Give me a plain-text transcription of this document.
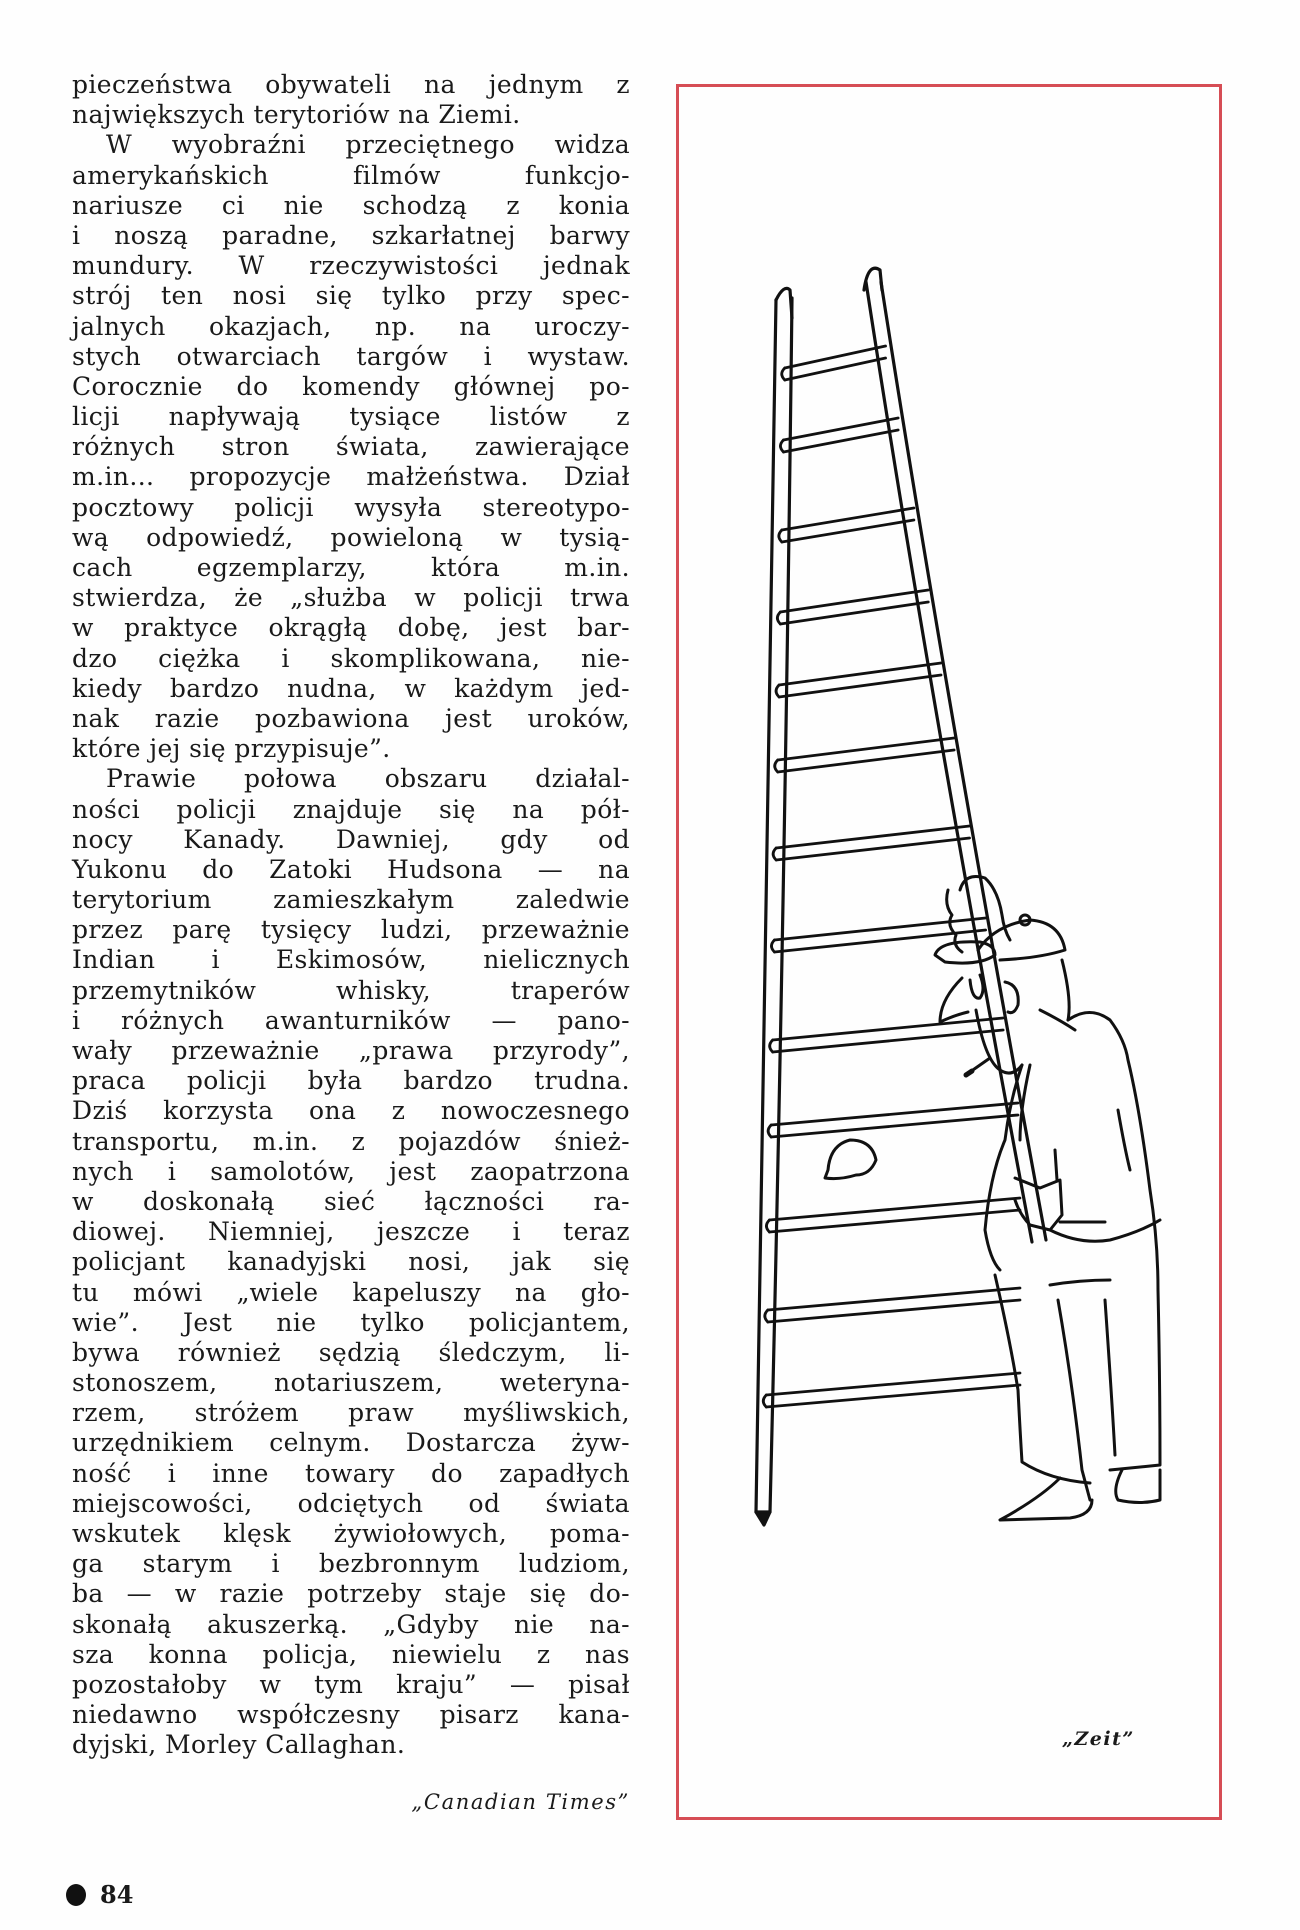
pieczeństwa obywateli na jednym z
największych terytoriów na Ziemi.
W wyobraźni przeciętnego widza
amerykańskich filmów funkcjo-
nariusze ci nie schodzą z konia
i noszą paradne, szkarłatnej barwy
mundury. W rzeczywistości jednak
strój ten nosi się tylko przy spec-
jalnych okazjach, np. na uroczy-
stych otwarciach targów i wystaw.
Corocznie do komendy głównej po-
licji napływają tysiące listów z
różnych stron świata, zawierające
m.in... propozycje małżeństwa. Dział
pocztowy policji wysyła stereotypo-
wą odpowiedź, powieloną w tysią-
cach egzemplarzy, która m.in.
stwierdza, że „służba w policji trwa
w praktyce okrągłą dobę, jest bar-
dzo ciężka i skomplikowana, nie-
kiedy bardzo nudna, w każdym jed-
nak razie pozbawiona jest uroków,
które jej się przypisuje”.
Prawie połowa obszaru działal-
ności policji znajduje się na pół-
nocy Kanady. Dawniej, gdy od
Yukonu do Zatoki Hudsona — na
terytorium zamieszkałym zaledwie
przez parę tysięcy ludzi, przeważnie
Indian i Eskimosów, nielicznych
przemytników whisky, traperów
i różnych awanturników — pano-
wały przeważnie „prawa przyrody”,
praca policji była bardzo trudna.
Dziś korzysta ona z nowoczesnego
transportu, m.in. z pojazdów śnież-
nych i samolotów, jest zaopatrzona
w doskonałą sieć łączności ra-
diowej. Niemniej, jeszcze i teraz
policjant kanadyjski nosi, jak się
tu mówi „wiele kapeluszy na gło-
wie”. Jest nie tylko policjantem,
bywa również sędzią śledczym, li-
stonoszem, notariuszem, weteryna-
rzem, stróżem praw myśliwskich,
urzędnikiem celnym. Dostarcza żyw-
ność i inne towary do zapadłych
miejscowości, odciętych od świata
wskutek klęsk żywiołowych, poma-
ga starym i bezbronnym ludziom,
ba — w razie potrzeby staje się do-
skonałą akuszerką. „Gdyby nie na-
sza konna policja, niewielu z nas
pozostałoby w tym kraju” — pisał
niedawno współczesny pisarz kana-
dyjski, Morley Callaghan.
„Canadian Times”
84
„Zeit”
